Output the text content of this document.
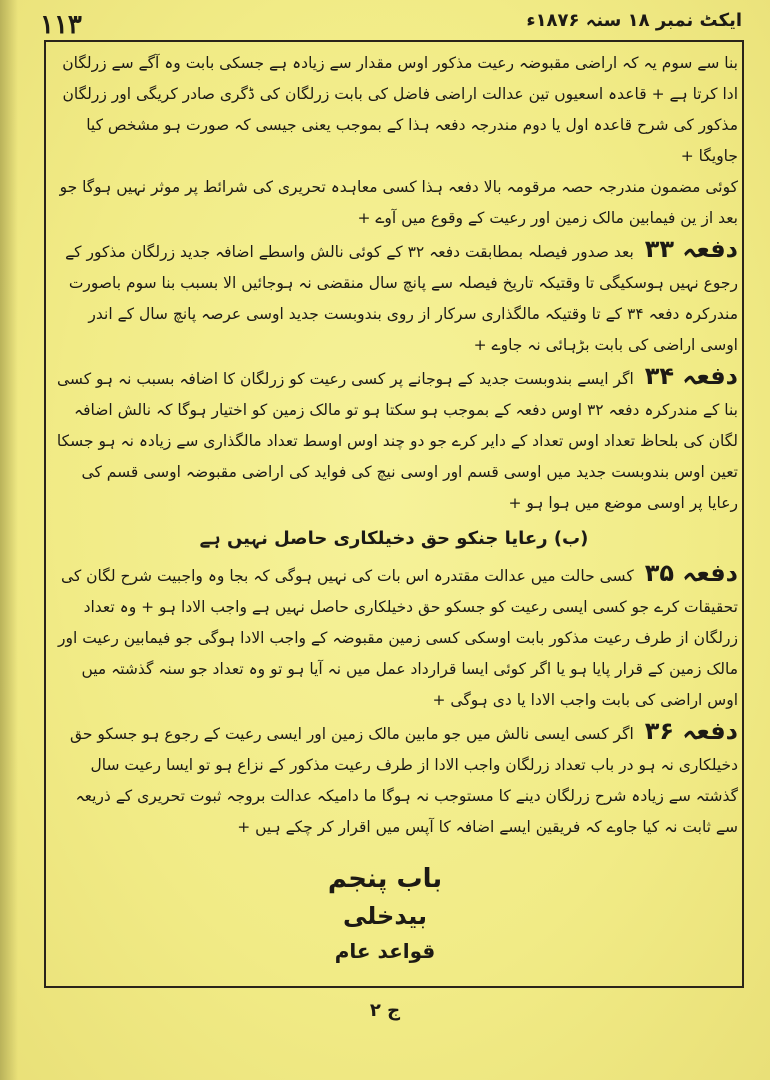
۱۱۳	ایکٹ نمبر ۱۸ سنہ ۱۸۷۶ء

بنا سے سوم یہ کہ اراضی مقبوضہ رعیت مذکور اوس مقدار سے زیادہ ہے جسکی بابت وہ آگے سے زرلگان ادا کرتا ہے + قاعدہ اسعیوں تین عدالت اراضی فاضل کی بابت زرلگان کی ڈگری صادر کریگی اور زرلگان مذکور کی شرح قاعدہ اول یا دوم مندرجہ دفعہ ہذا کے بموجب یعنی جیسی کہ صورت ہو مشخص کیا جاویگا +

کوئی مضمون مندرجہ حصہ مرقومہ بالا دفعہ ہذا کسی معاہدہ تحریری کی شرائط پر موثر نہیں ہوگا جو بعد از ین فیمابین مالک زمین اور رعیت کے وقوع میں آوے +

دفعہ ۳۳ بعد صدور فیصلہ بمطابقت دفعہ ۳۲ کے کوئی نالش واسطے اضافہ جدید زرلگان مذکور کے رجوع نہیں ہوسکیگی تا وقتیکہ تاریخ فیصلہ سے پانچ سال منقضی نہ ہوجائیں الا بسبب بنا سوم باصورت مندرکرہ دفعہ ۳۴ کے تا وقتیکہ مالگذاری سرکار از روی بندوبست جدید اوسی عرصہ پانچ سال کے اندر اوسی اراضی کی بابت بڑہائی نہ جاوے +

دفعہ ۳۴ اگر ایسے بندوبست جدید کے ہوجانے پر کسی رعیت کو زرلگان کا اضافہ بسبب نہ ہو کسی بنا کے مندرکرہ دفعہ ۳۲ اوس دفعہ کے بموجب ہو سکتا ہو تو مالک زمین کو اختیار ہوگا کہ نالش اضافہ لگان کی بلحاظ تعداد اوس تعداد کے دایر کرے جو دو چند اوس اوسط تعداد مالگذاری سے زیادہ نہ ہو جسکا تعین اوس بندوبست جدید میں اوسی قسم اور اوسی نیچ کی فواید کی اراضی مقبوضہ اوسی قسم کی رعایا پر اوسی موضع میں ہوا ہو +

(ب) رعایا جنکو حق دخیلکاری حاصل نہیں ہے

دفعہ ۳۵ کسی حالت میں عدالت مقتدرہ اس بات کی نہیں ہوگی کہ بجا وہ واجبیت شرح لگان کی تحقیقات کرے جو کسی ایسی رعیت کو جسکو حق دخیلکاری حاصل نہیں ہے واجب الادا ہو + وہ تعداد زرلگان از طرف رعیت مذکور بابت اوسکی کسی زمین مقبوضہ کے واجب الادا ہوگی جو فیمابین رعیت اور مالک زمین کے قرار پایا ہو یا اگر کوئی ایسا قرارداد عمل میں نہ آیا ہو تو وہ تعداد جو سنہ گذشتہ میں اوس اراضی کی بابت واجب الادا یا دی ہوگی +

دفعہ ۳۶ اگر کسی ایسی نالش میں جو مابین مالک زمین اور ایسی رعیت کے رجوع ہو جسکو حق دخیلکاری نہ ہو در باب تعداد زرلگان واجب الادا از طرف رعیت مذکور کے نزاع ہو تو ایسا رعیت سال گذشتہ سے زیادہ شرح زرلگان دینے کا مستوجب نہ ہوگا ما دامیکہ عدالت بروجہ ثبوت تحریری کے ذریعہ سے ثابت نہ کیا جاوے کہ فریقین ایسے اضافہ کا آپس میں اقرار کر چکے ہیں +

باب پنجم
بیدخلی
قواعد عام
۲ ج
